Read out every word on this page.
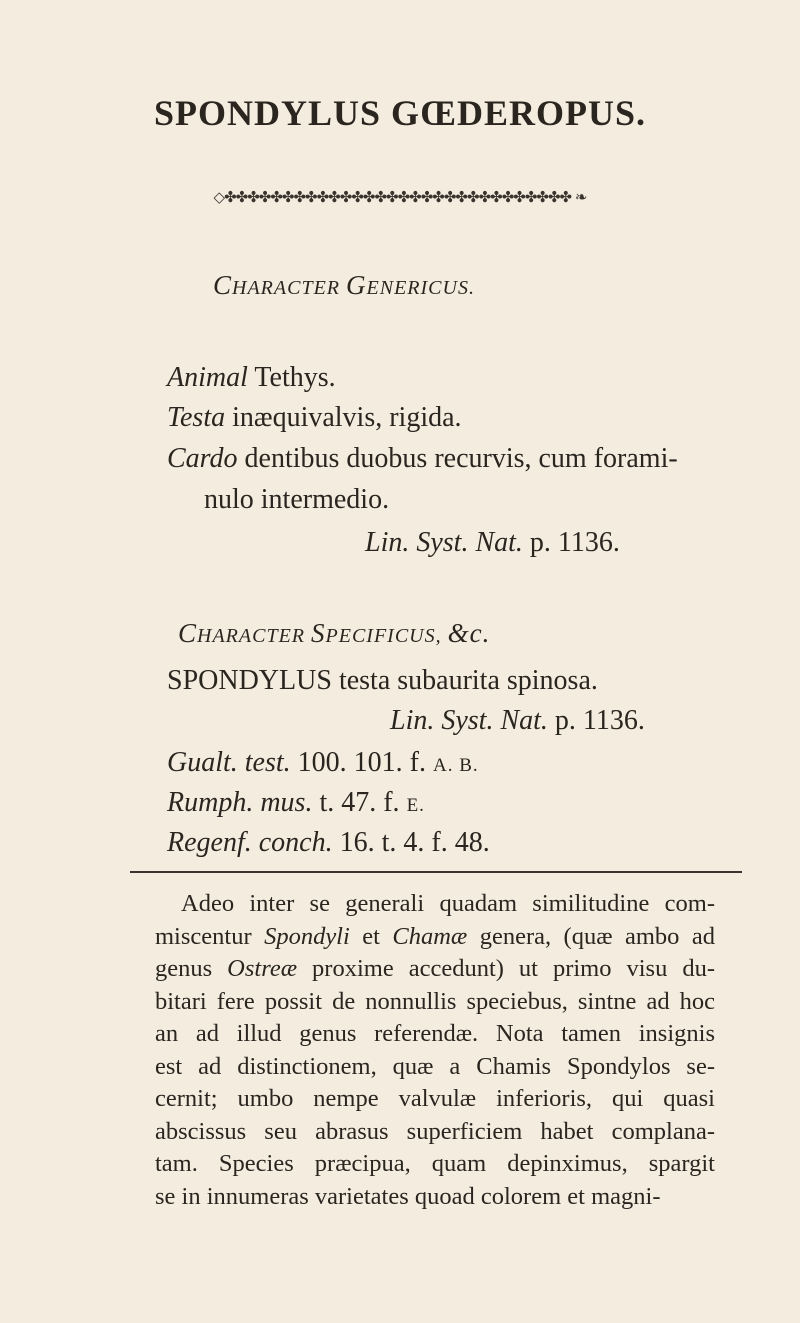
SPONDYLUS GŒDEROPUS.
◇✤✤✤✤✤✤✤✤✤✤✤✤✤✤✤✤✤✤✤✤✤✤✤✤✤✤✤✤✤✤ ❧
CHARACTER GENERICUS.
Animal Tethys.
Testa inæquivalvis, rigida.
Cardo dentibus duobus recurvis, cum forami-
nulo intermedio.
Lin. Syst. Nat. p. 1136.
CHARACTER SPECIFICUS, &c.
SPONDYLUS testa subaurita spinosa.
Lin. Syst. Nat. p. 1136.
Gualt. test. 100. 101. f. A. B.
Rumph. mus. t. 47. f. E.
Regenf. conch. 16. t. 4. f. 48.
Adeo inter se generali quadam similitudine com-
miscentur Spondyli et Chamæ genera, (quæ ambo ad
genus Ostreæ proxime accedunt) ut primo visu du-
bitari fere possit de nonnullis speciebus, sintne ad hoc
an ad illud genus referendæ. Nota tamen insignis
est ad distinctionem, quæ a Chamis Spondylos se-
cernit; umbo nempe valvulæ inferioris, qui quasi
abscissus seu abrasus superficiem habet complana-
tam. Species præcipua, quam depinximus, spargit
se in innumeras varietates quoad colorem et magni-
